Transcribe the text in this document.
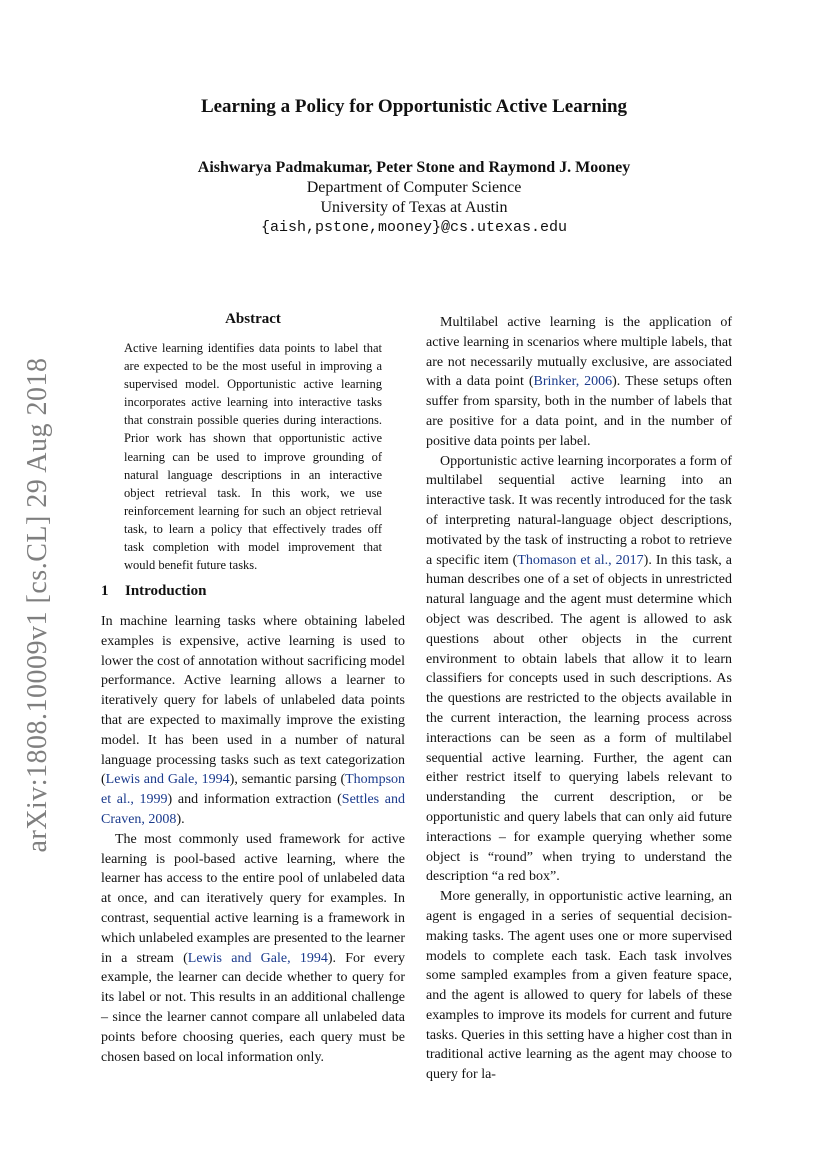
arXiv:1808.10009v1 [cs.CL] 29 Aug 2018
Learning a Policy for Opportunistic Active Learning
Aishwarya Padmakumar, Peter Stone and Raymond J. Mooney
Department of Computer Science
University of Texas at Austin
{aish,pstone,mooney}@cs.utexas.edu
Abstract
Active learning identifies data points to label that are expected to be the most useful in improving a supervised model. Opportunistic active learning incorporates active learning into interactive tasks that constrain possible queries during interactions. Prior work has shown that opportunistic active learning can be used to improve grounding of natural language descriptions in an interactive object retrieval task. In this work, we use reinforcement learning for such an object retrieval task, to learn a policy that effectively trades off task completion with model improvement that would benefit future tasks.
1 Introduction

In machine learning tasks where obtaining labeled examples is expensive, active learning is used to lower the cost of annotation without sacrificing model performance. Active learning allows a learner to iteratively query for labels of unlabeled data points that are expected to maximally improve the existing model. It has been used in a number of natural language processing tasks such as text categorization (Lewis and Gale, 1994), semantic parsing (Thompson et al., 1999) and information extraction (Settles and Craven, 2008).

The most commonly used framework for active learning is pool-based active learning, where the learner has access to the entire pool of unlabeled data at once, and can iteratively query for examples. In contrast, sequential active learning is a framework in which unlabeled examples are presented to the learner in a stream (Lewis and Gale, 1994). For every example, the learner can decide whether to query for its label or not. This results in an additional challenge – since the learner cannot compare all unlabeled data points before choosing queries, each query must be chosen based on local information only.

Multilabel active learning is the application of active learning in scenarios where multiple labels, that are not necessarily mutually exclusive, are associated with a data point (Brinker, 2006). These setups often suffer from sparsity, both in the number of labels that are positive for a data point, and in the number of positive data points per label.

Opportunistic active learning incorporates a form of multilabel sequential active learning into an interactive task. It was recently introduced for the task of interpreting natural-language object descriptions, motivated by the task of instructing a robot to retrieve a specific item (Thomason et al., 2017). In this task, a human describes one of a set of objects in unrestricted natural language and the agent must determine which object was described. The agent is allowed to ask questions about other objects in the current environment to obtain labels that allow it to learn classifiers for concepts used in such descriptions. As the questions are restricted to the objects available in the current interaction, the learning process across interactions can be seen as a form of multilabel sequential active learning. Further, the agent can either restrict itself to querying labels relevant to understanding the current description, or be opportunistic and query labels that can only aid future interactions – for example querying whether some object is “round” when trying to understand the description “a red box”.

More generally, in opportunistic active learning, an agent is engaged in a series of sequential decision-making tasks. The agent uses one or more supervised models to complete each task. Each task involves some sampled examples from a given feature space, and the agent is allowed to query for labels of these examples to improve its models for current and future tasks. Queries in this setting have a higher cost than in traditional active learning as the agent may choose to query for la-
